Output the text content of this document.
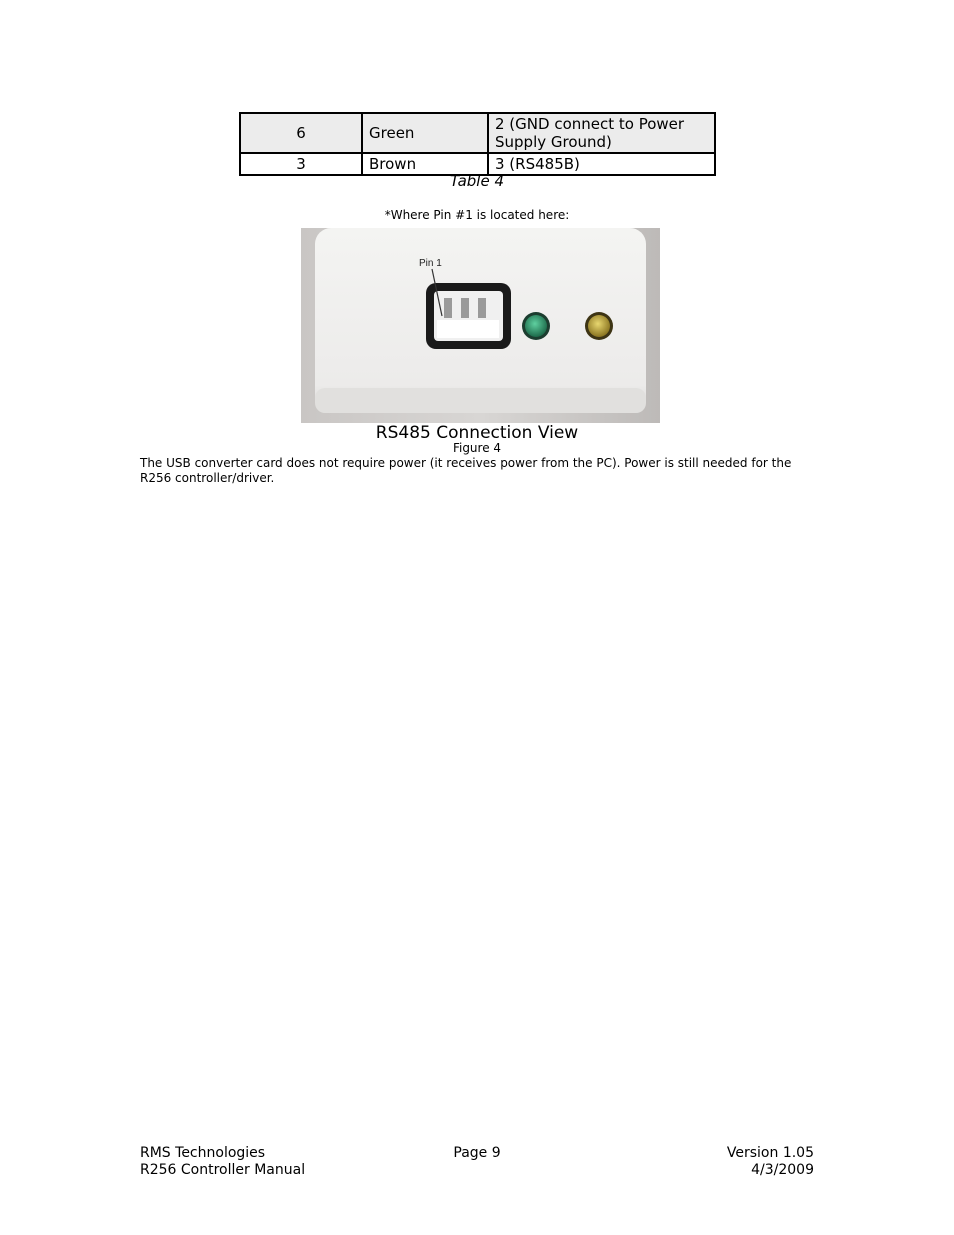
6	Green	2 (GND connect to Power Supply Ground)
3	Brown	3 (RS485B)
Table 4
*Where Pin #1 is located here:
Pin 1
RS485 Connection View
Figure 4
The USB converter card does not require power (it receives power from the PC). Power is still needed for the R256 controller/driver.
RMS Technologies
R256 Controller Manual
Page 9	Version 1.05
4/3/2009
